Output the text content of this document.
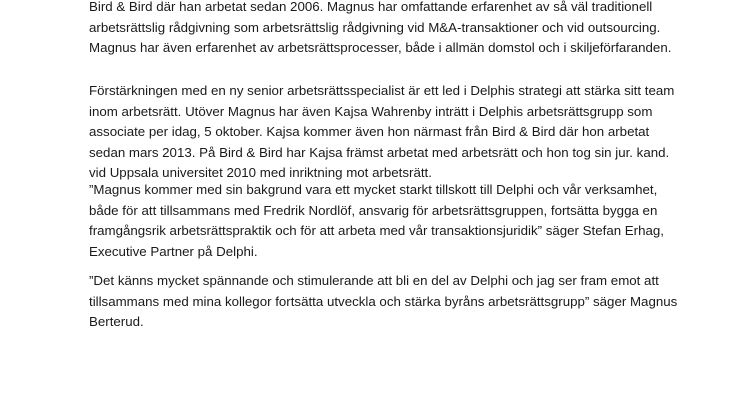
Bird & Bird där han arbetat sedan 2006. Magnus har omfattande erfarenhet av så väl traditionell
arbetsrättslig rådgivning som arbetsrättslig rådgivning vid M&A-transaktioner och vid outsourcing.
Magnus har även erfarenhet av arbetsrättsprocesser, både i allmän domstol och i skiljeförfaranden.

Förstärkningen med en ny senior arbetsrättsspecialist är ett led i Delphis strategi att stärka sitt team
inom arbetsrätt. Utöver Magnus har även Kajsa Wahrenby inträtt i Delphis arbetsrättsgrupp som
associate per idag, 5 oktober. Kajsa kommer även hon närmast från Bird & Bird där hon arbetat
sedan mars 2013. På Bird & Bird har Kajsa främst arbetat med arbetsrätt och hon tog sin jur. kand.
vid Uppsala universitet 2010 med inriktning mot arbetsrätt.

”Magnus kommer med sin bakgrund vara ett mycket starkt tillskott till Delphi och vår verksamhet,
både för att tillsammans med Fredrik Nordlöf, ansvarig för arbetsrättsgruppen, fortsätta bygga en
framgångsrik arbetsrättspraktik och för att arbeta med vår transaktionsjuridik” säger Stefan Erhag,
Executive Partner på Delphi.

”Det känns mycket spännande och stimulerande att bli en del av Delphi och jag ser fram emot att
tillsammans med mina kollegor fortsätta utveckla och stärka byråns arbetsrättsgrupp” säger Magnus
Berterud.
